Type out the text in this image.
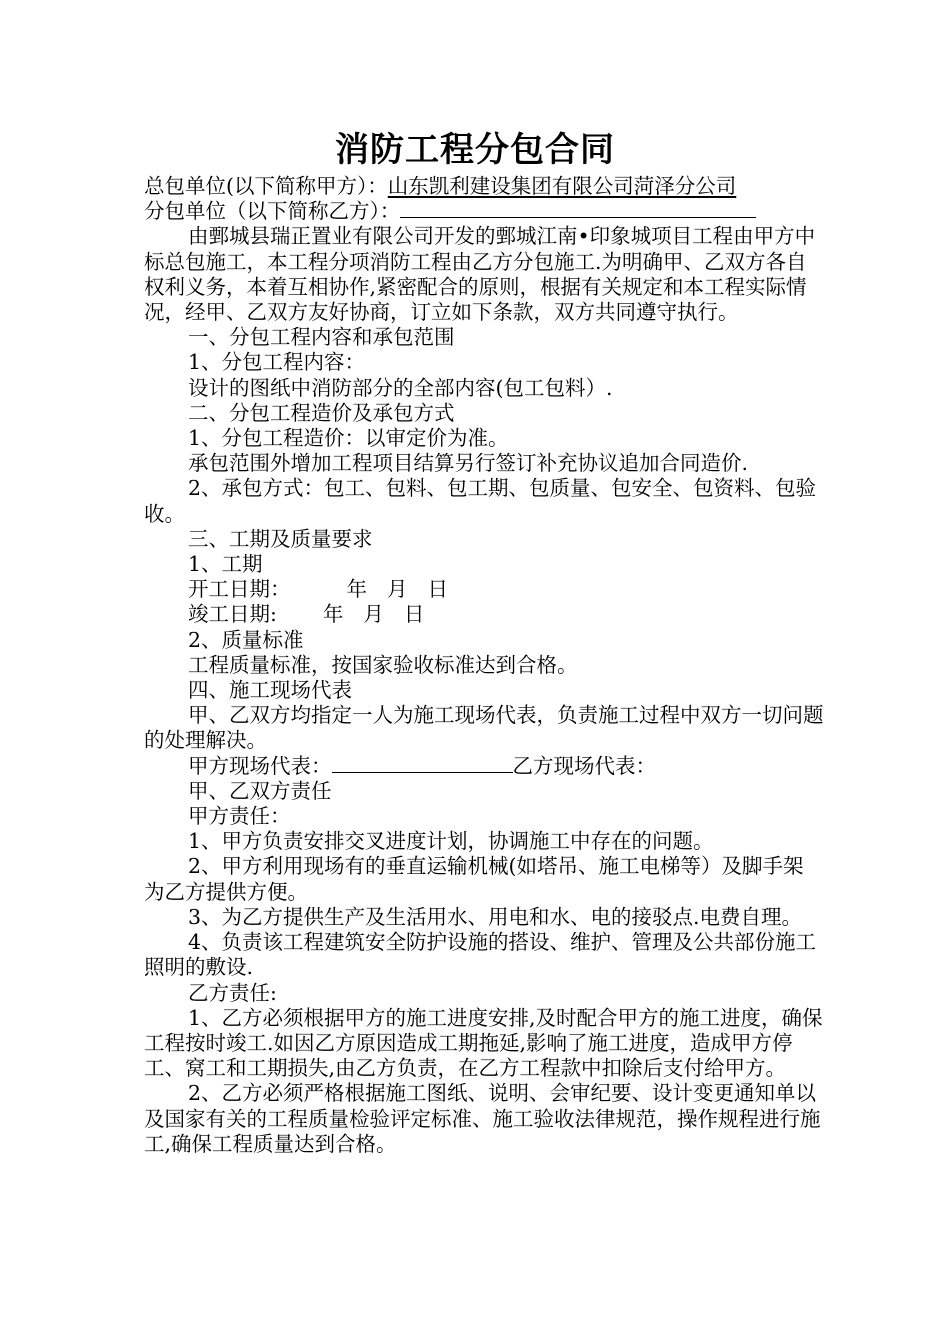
消防工程分包合同

总包单位(以下简称甲方）：山东凯利建设集团有限公司菏泽分公司

分包单位（以下简称乙方）：

由鄄城县瑞正置业有限公司开发的鄄城江南•印象城项目工程由甲方中标总包施工，本工程分项消防工程由乙方分包施工.为明确甲、乙双方各自权利义务，本着互相协作,紧密配合的原则，根据有关规定和本工程实际情况，经甲、乙双方友好协商，订立如下条款，双方共同遵守执行。

一、分包工程内容和承包范围

1、分包工程内容：

设计的图纸中消防部分的全部内容(包工包料）.

二、分包工程造价及承包方式

1、分包工程造价：以审定价为准。

承包范围外增加工程项目结算另行签订补充协议追加合同造价.

2、承包方式：包工、包料、包工期、包质量、包安全、包资料、包验收。

三、工期及质量要求

1、工期

开工日期：	年 月 日

竣工日期: 年 月 日

2、质量标准

工程质量标准，按国家验收标准达到合格。

四、施工现场代表

甲、乙双方均指定一人为施工现场代表，负责施工过程中双方一切问题的处理解决。

甲方现场代表：	乙方现场代表：

甲、乙双方责任

甲方责任：

1、甲方负责安排交叉进度计划，协调施工中存在的问题。

2、甲方利用现场有的垂直运输机械(如塔吊、施工电梯等）及脚手架为乙方提供方便。

3、为乙方提供生产及生活用水、用电和水、电的接驳点.电费自理。

4、负责该工程建筑安全防护设施的搭设、维护、管理及公共部份施工照明的敷设.

乙方责任:

1、乙方必须根据甲方的施工进度安排,及时配合甲方的施工进度，确保工程按时竣工.如因乙方原因造成工期拖延,影响了施工进度，造成甲方停工、窝工和工期损失,由乙方负责，在乙方工程款中扣除后支付给甲方。

2、乙方必须严格根据施工图纸、说明、会审纪要、设计变更通知单以及国家有关的工程质量检验评定标准、施工验收法律规范，操作规程进行施工,确保工程质量达到合格。
